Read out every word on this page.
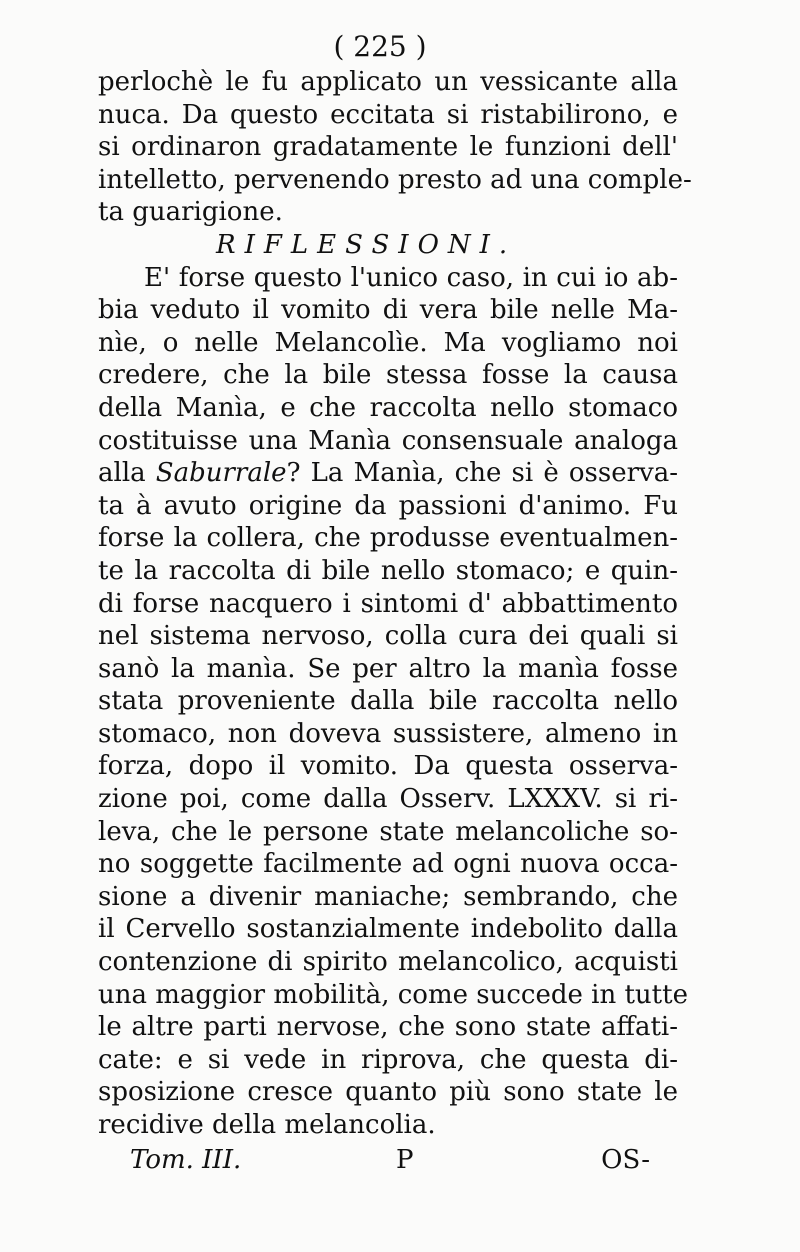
( 225 )
perlochè le fu applicato un vessicante alla
nuca. Da questo eccitata si ristabilirono, e
si ordinaron gradatamente le funzioni dell'
intelletto, pervenendo presto ad una comple-
ta guarigione.
RIFLESSIONI.
E' forse questo l'unico caso, in cui io ab-
bia veduto il vomito di vera bile nelle Ma-
nìe, o nelle Melancolìe. Ma vogliamo noi
credere, che la bile stessa fosse la causa
della Manìa, e che raccolta nello stomaco
costituisse una Manìa consensuale analoga
alla Saburrale? La Manìa, che si è osserva-
ta à avuto origine da passioni d'animo. Fu
forse la collera, che produsse eventualmen-
te la raccolta di bile nello stomaco; e quin-
di forse nacquero i sintomi d' abbattimento
nel sistema nervoso, colla cura dei quali si
sanò la manìa. Se per altro la manìa fosse
stata proveniente dalla bile raccolta nello
stomaco, non doveva sussistere, almeno in
forza, dopo il vomito. Da questa osserva-
zione poi, come dalla Osserv. LXXXV. si ri-
leva, che le persone state melancoliche so-
no soggette facilmente ad ogni nuova occa-
sione a divenir maniache; sembrando, che
il Cervello sostanzialmente indebolito dalla
contenzione di spirito melancolico, acquisti
una maggior mobilità, come succede in tutte
le altre parti nervose, che sono state affati-
cate: e si vede in riprova, che questa di-
sposizione cresce quanto più sono state le
recidive della melancolia.
Tom. III.	P	OS-
